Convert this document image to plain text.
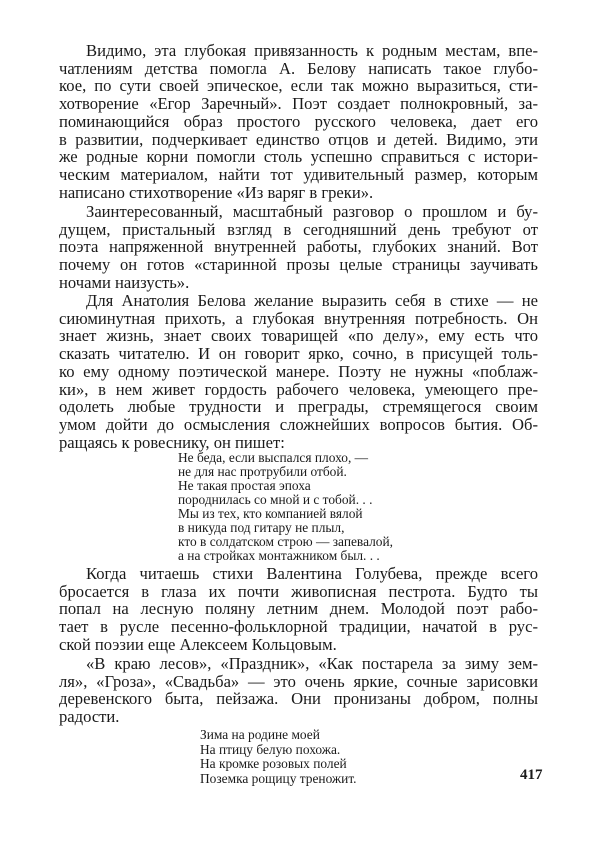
417
Видимо, эта глубокая привязанность к родным местам, впе-
чатлениям детства помогла А. Белову написать такое глубо-
кое, по сути своей эпическое, если так можно выразиться, сти-
хотворение «Егор Заречный». Поэт создает полнокровный, за-
поминающийся образ простого русского человека, дает его
в развитии, подчеркивает единство отцов и детей. Видимо, эти
же родные корни помогли столь успешно справиться с истори-
ческим материалом, найти тот удивительный размер, которым
написано стихотворение «Из варяг в греки».
Заинтересованный, масштабный разговор о прошлом и бу-
дущем, пристальный взгляд в сегодняшний день требуют от
поэта напряженной внутренней работы, глубоких знаний. Вот
почему он готов «старинной прозы целые страницы заучивать
ночами наизусть».
Для Анатолия Белова желание выразить себя в стихе — не
сиюминутная прихоть, а глубокая внутренняя потребность. Он
знает жизнь, знает своих товарищей «по делу», ему есть что
сказать читателю. И он говорит ярко, сочно, в присущей толь-
ко ему одному поэтической манере. Поэту не нужны «поблаж-
ки», в нем живет гордость рабочего человека, умеющего пре-
одолеть любые трудности и преграды, стремящегося своим
умом дойти до осмысления сложнейших вопросов бытия. Об-
ращаясь к ровеснику, он пишет:
Не беда, если выспался плохо, —
не для нас протрубили отбой.
Не такая простая эпоха
породнилась со мной и с тобой. . .
Мы из тех, кто компанией вялой
в никуда под гитару не плыл,
кто в солдатском строю — запевалой,
а на стройках монтажником был. . .
Когда читаешь стихи Валентина Голубева, прежде всего
бросается в глаза их почти живописная пестрота. Будто ты
попал на лесную поляну летним днем. Молодой поэт рабо-
тает в русле песенно-фольклорной традиции, начатой в рус-
ской поэзии еще Алексеем Кольцовым.
«В краю лесов», «Праздник», «Как постарела за зиму зем-
ля», «Гроза», «Свадьба» — это очень яркие, сочные зарисовки
деревенского быта, пейзажа. Они пронизаны добром, полны
радости.
Зима на родине моей
На птицу белую похожа.
На кромке розовых полей
Поземка рощицу треножит.
